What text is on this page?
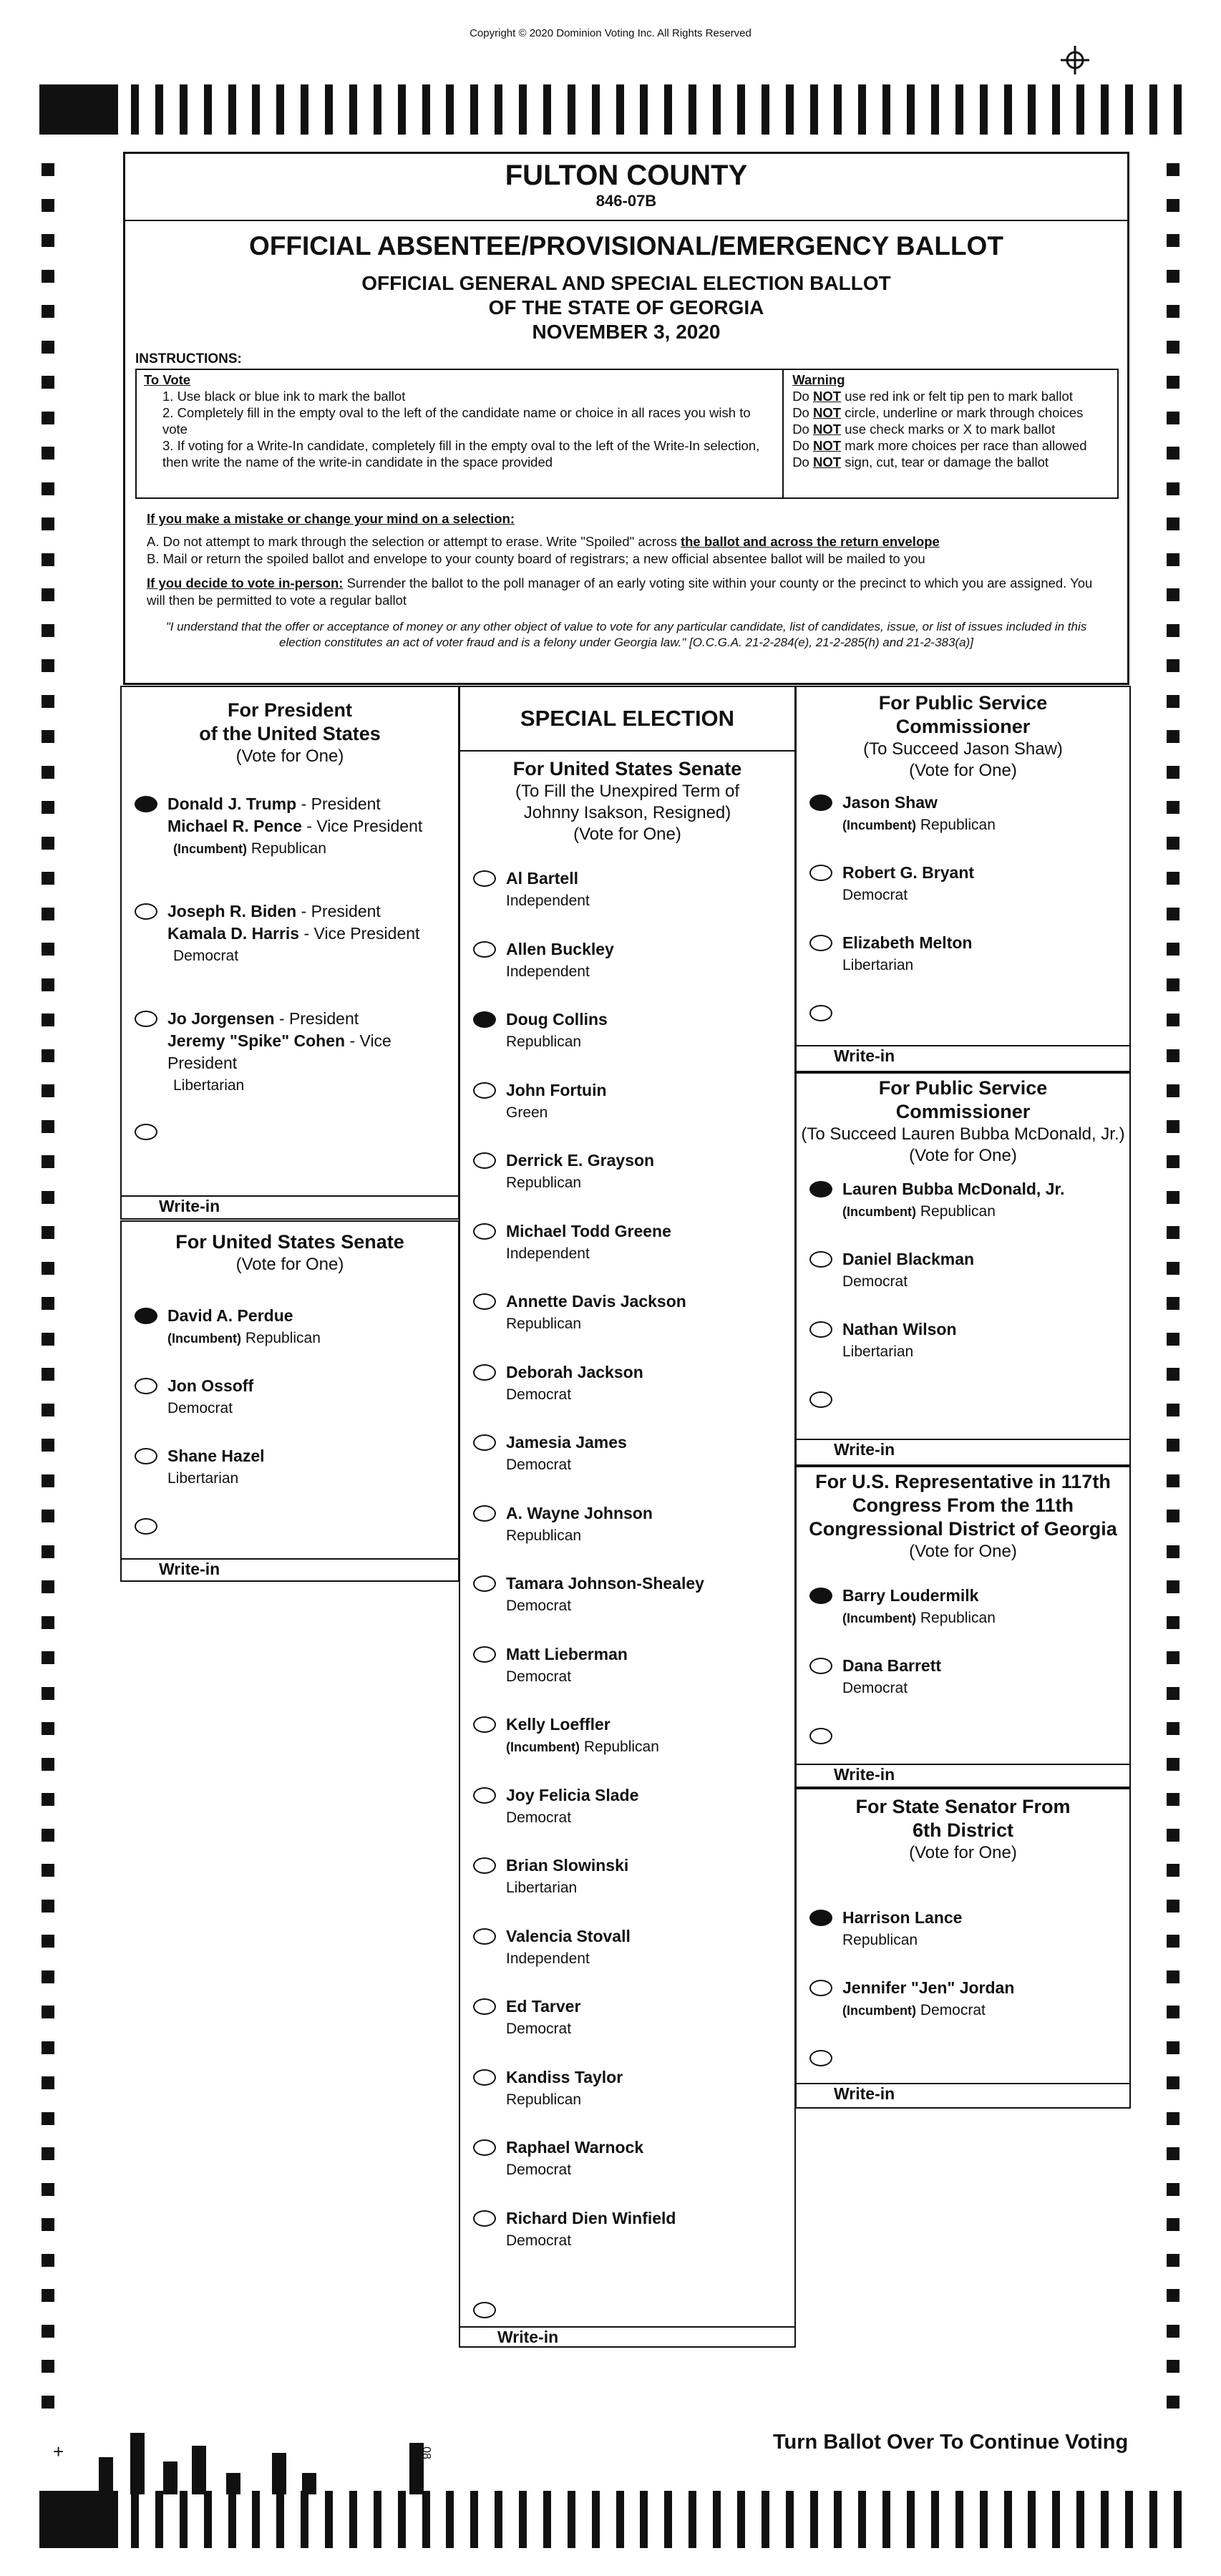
Copyright © 2020 Dominion Voting Inc. All Rights Reserved
FULTON COUNTY
846-07B
OFFICIAL ABSENTEE/PROVISIONAL/EMERGENCY BALLOT
OFFICIAL GENERAL AND SPECIAL ELECTION BALLOT
OF THE STATE OF GEORGIA
NOVEMBER 3, 2020
INSTRUCTIONS:
To Vote
1. Use black or blue ink to mark the ballot
2. Completely fill in the empty oval to the left of the candidate name or choice in all races you wish to vote
3. If voting for a Write-In candidate, completely fill in the empty oval to the left of the Write-In selection, then write the name of the write-in candidate in the space provided
Warning
Do NOT use red ink or felt tip pen to mark ballot
Do NOT circle, underline or mark through choices
Do NOT use check marks or X to mark ballot
Do NOT mark more choices per race than allowed
Do NOT sign, cut, tear or damage the ballot
If you make a mistake or change your mind on a selection:
A. Do not attempt to mark through the selection or attempt to erase. Write "Spoiled" across the ballot and across the return envelope
B. Mail or return the spoiled ballot and envelope to your county board of registrars; a new official absentee ballot will be mailed to you
If you decide to vote in-person: Surrender the ballot to the poll manager of an early voting site within your county or the precinct to which you are assigned. You will then be permitted to vote a regular ballot
"I understand that the offer or acceptance of money or any other object of value to vote for any particular candidate, list of candidates, issue, or list of issues included in this election constitutes an act of voter fraud and is a felony under Georgia law." [O.C.G.A. 21-2-284(e), 21-2-285(h) and 21-2-383(a)]
For President
of the United States
(Vote for One)
Donald J. Trump - President
Michael R. Pence - Vice President
(Incumbent) Republican
Joseph R. Biden - President
Kamala D. Harris - Vice President
Democrat
Jo Jorgensen - President
Jeremy "Spike" Cohen - Vice President
Libertarian
Write-in
For United States Senate
(Vote for One)
David A. Perdue
(Incumbent) Republican
Jon Ossoff
Democrat
Shane Hazel
Libertarian
Write-in
SPECIAL ELECTION
For United States Senate
(To Fill the Unexpired Term of
Johnny Isakson, Resigned)
(Vote for One)
Al Bartell
Independent
Allen Buckley
Independent
Doug Collins
Republican
John Fortuin
Green
Derrick E. Grayson
Republican
Michael Todd Greene
Independent
Annette Davis Jackson
Republican
Deborah Jackson
Democrat
Jamesia James
Democrat
A. Wayne Johnson
Republican
Tamara Johnson-Shealey
Democrat
Matt Lieberman
Democrat
Kelly Loeffler
(Incumbent) Republican
Joy Felicia Slade
Democrat
Brian Slowinski
Libertarian
Valencia Stovall
Independent
Ed Tarver
Democrat
Kandiss Taylor
Republican
Raphael Warnock
Democrat
Richard Dien Winfield
Democrat
Write-in
For Public Service
Commissioner
(To Succeed Jason Shaw)
(Vote for One)
Jason Shaw
(Incumbent) Republican
Robert G. Bryant
Democrat
Elizabeth Melton
Libertarian
Write-in
For Public Service
Commissioner
(To Succeed Lauren Bubba McDonald, Jr.)
(Vote for One)
Lauren Bubba McDonald, Jr.
(Incumbent) Republican
Daniel Blackman
Democrat
Nathan Wilson
Libertarian
Write-in
For U.S. Representative in 117th
Congress From the 11th
Congressional District of Georgia
(Vote for One)
Barry Loudermilk
(Incumbent) Republican
Dana Barrett
Democrat
Write-in
For State Senator From
6th District
(Vote for One)
Harrison Lance
Republican
Jennifer "Jen" Jordan
(Incumbent) Democrat
Write-in
+	08	Turn Ballot Over To Continue Voting
